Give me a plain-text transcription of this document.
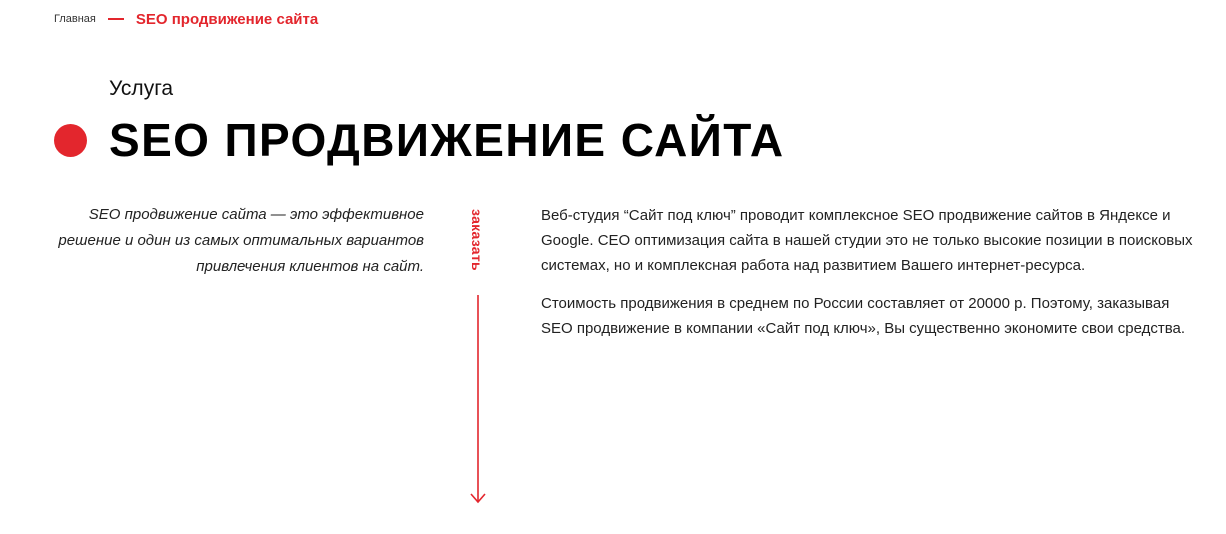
Главная	SEO продвижение сайта
Услуга
SEO ПРОДВИЖЕНИЕ САЙТА

SEO продвижение сайта — это эффективное решение и один из самых оптимальных вариантов привлечения клиентов на сайт.	заказать	Веб-студия “Сайт под ключ” проводит комплексное SEO продвижение сайтов в Яндексе и Google. СЕО оптимизация сайта в нашей студии это не только высокие позиции в поисковых системах, но и комплексная работа над развитием Вашего интернет-ресурса.

Стоимость продвижения в среднем по России составляет от 20000 р. Поэтому, заказывая SEO продвижение в компании «Сайт под ключ», Вы существенно экономите свои средства.
